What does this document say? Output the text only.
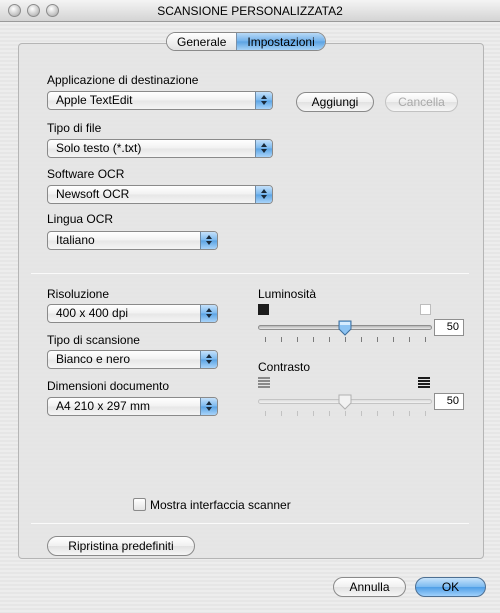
SCANSIONE PERSONALIZZATA2
Generale	Impostazioni
Applicazione di destinazione
Apple TextEdit	Aggiungi	Cancella
Tipo di file
Solo testo (*.txt)
Software OCR
Newsoft OCR
Lingua OCR
Italiano
Risoluzione
400 x 400 dpi
Tipo di scansione
Bianco e nero
Dimensioni documento
A4 210 x 297 mm
Luminosità
50
Contrasto
50
Mostra interfaccia scanner
Ripristina predefiniti
Annulla	OK
